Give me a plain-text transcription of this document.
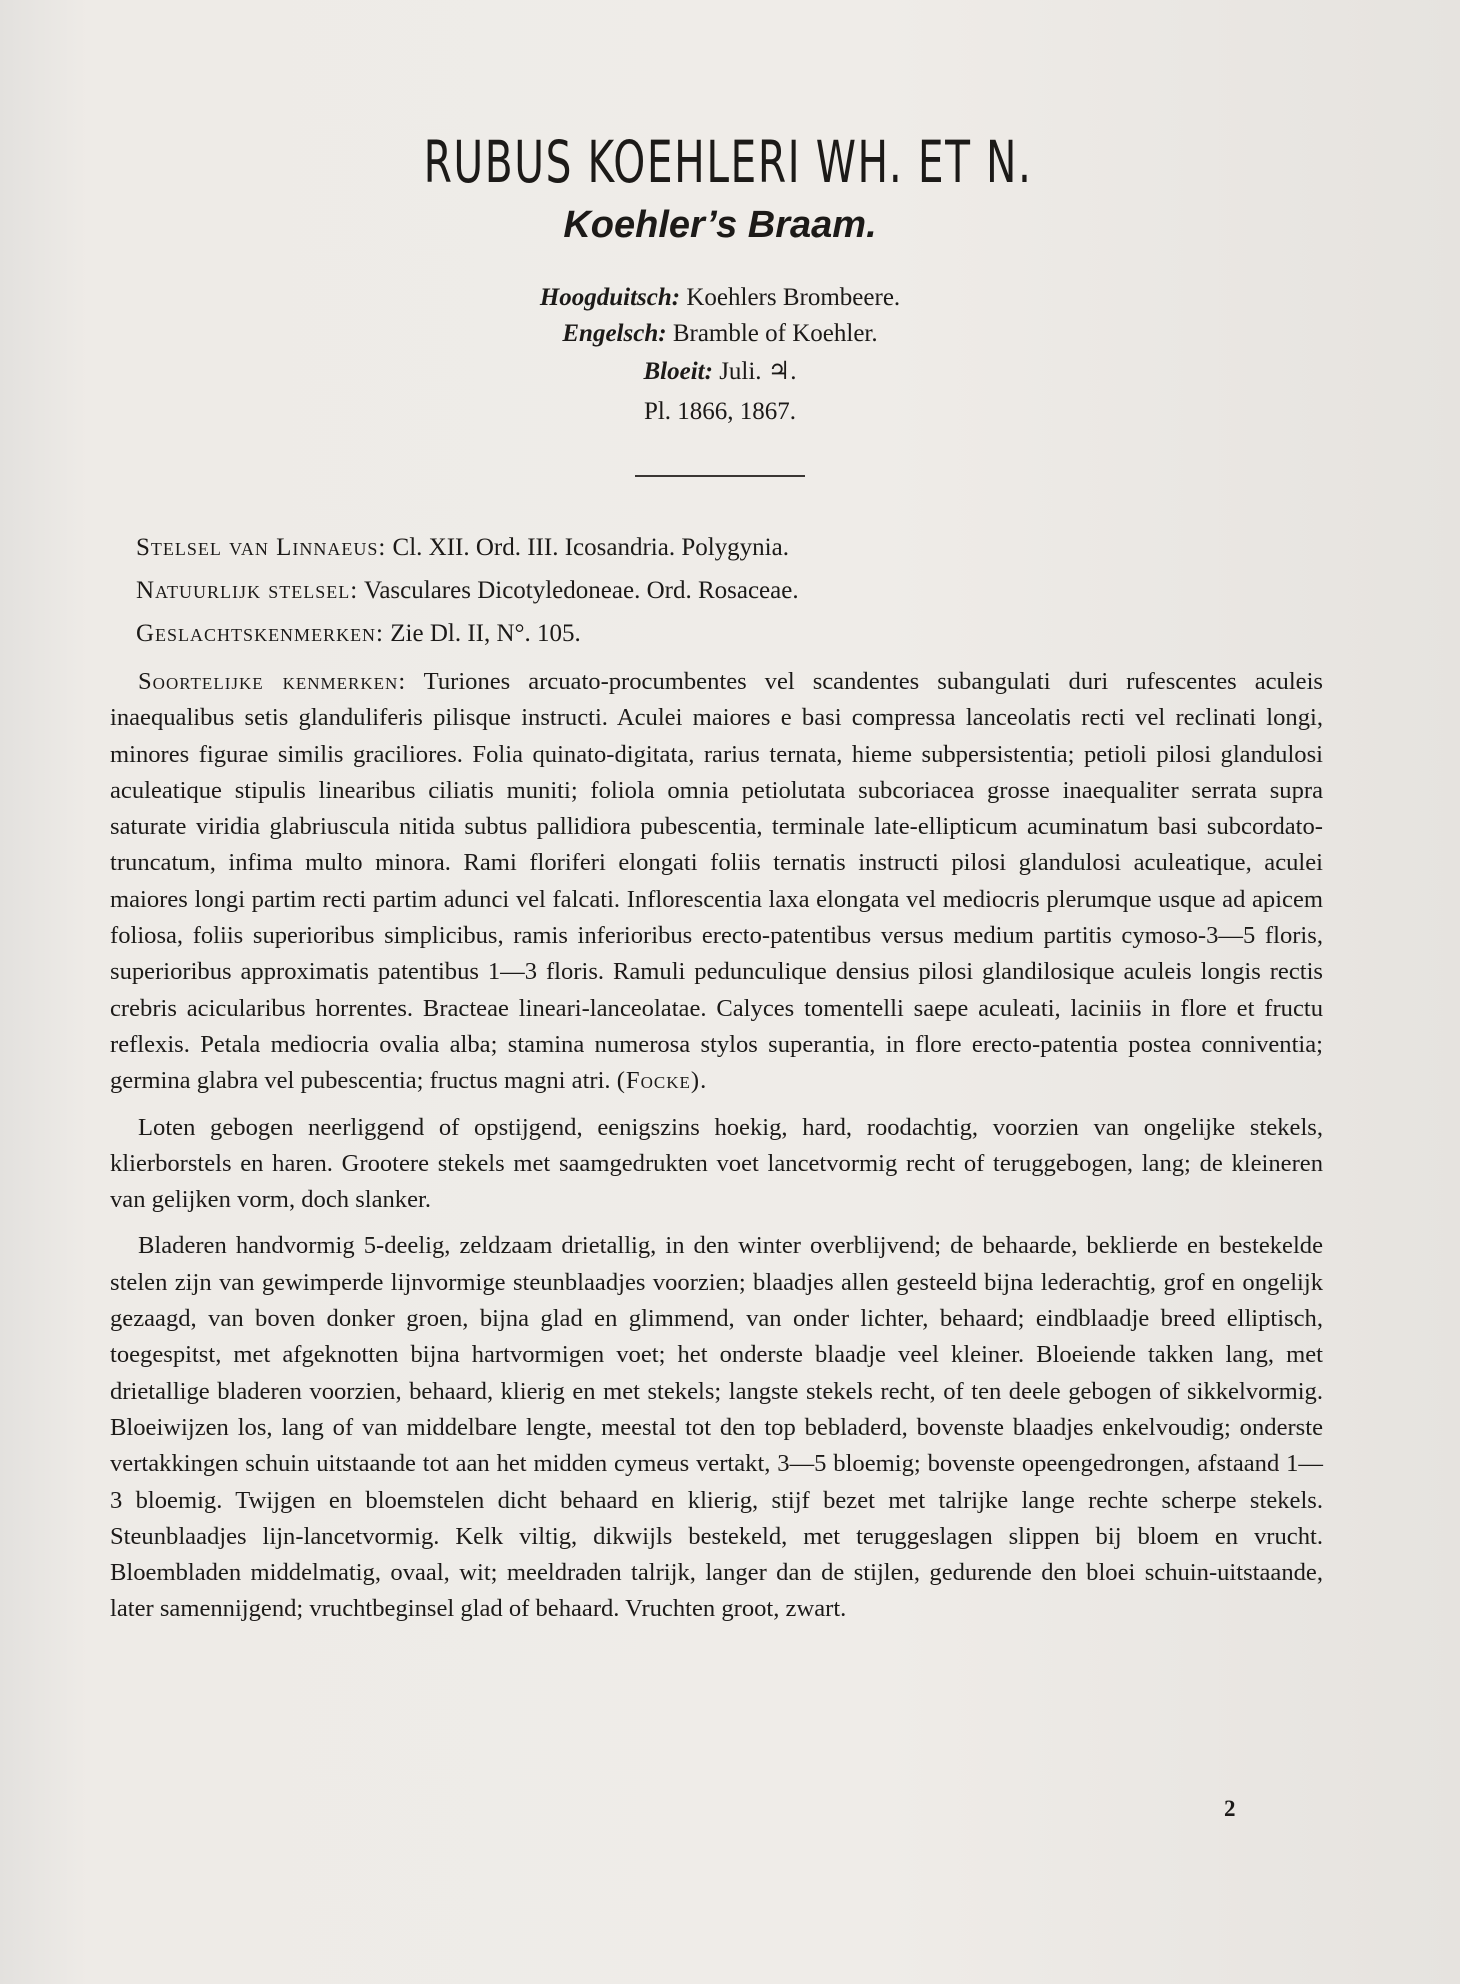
RUBUS KOEHLERI WH. ET N.
Koehler’s Braam.
Hoogduitsch: Koehlers Brombeere.
Engelsch: Bramble of Koehler.
Bloeit: Juli. ♃.
Pl. 1866, 1867.
Stelsel van Linnaeus: Cl. XII. Ord. III. Icosandria. Polygynia.
Natuurlijk stelsel: Vasculares Dicotyledoneae. Ord. Rosaceae.
Geslachtskenmerken: Zie Dl. II, N°. 105.

Soortelijke kenmerken: Turiones arcuato-procumbentes vel scandentes subangulati duri rufescentes aculeis inaequalibus setis glanduliferis pilisque instructi. Aculei maiores e basi compressa lanceolatis recti vel reclinati longi, minores figurae similis graciliores. Folia quinato-digitata, rarius ternata, hieme subpersistentia; petioli pilosi glandulosi aculeatique stipulis linearibus ciliatis muniti; foliola omnia petiolutata subcoriacea grosse inaequaliter serrata supra saturate viridia glabriuscula nitida subtus pallidiora pubescentia, terminale late-ellipticum acuminatum basi subcordato-truncatum, infima multo minora. Rami floriferi elongati foliis ternatis instructi pilosi glandulosi aculeatique, aculei maiores longi partim recti partim adunci vel falcati. Inflorescentia laxa elongata vel mediocris plerumque usque ad apicem foliosa, foliis superioribus simplicibus, ramis inferioribus erecto-patentibus versus medium partitis cymoso-3—5 floris, superioribus approximatis patentibus 1—3 floris. Ramuli pedunculique densius pilosi glandilosique aculeis longis rectis crebris acicularibus horrentes. Bracteae lineari-lanceolatae. Calyces tomentelli saepe aculeati, laciniis in flore et fructu reflexis. Petala mediocria ovalia alba; stamina numerosa stylos superantia, in flore erecto-patentia postea conniventia; germina glabra vel pubescentia; fructus magni atri. (Focke).

Loten gebogen neerliggend of opstijgend, eenigszins hoekig, hard, roodachtig, voorzien van ongelijke stekels, klierborstels en haren. Grootere stekels met saamgedrukten voet lancetvormig recht of teruggebogen, lang; de kleineren van gelijken vorm, doch slanker.

Bladeren handvormig 5-deelig, zeldzaam drietallig, in den winter overblijvend; de behaarde, beklierde en bestekelde stelen zijn van gewimperde lijnvormige steunblaadjes voorzien; blaadjes allen gesteeld bijna lederachtig, grof en ongelijk gezaagd, van boven donker groen, bijna glad en glimmend, van onder lichter, behaard; eindblaadje breed elliptisch, toegespitst, met afgeknotten bijna hartvormigen voet; het onderste blaadje veel kleiner. Bloeiende takken lang, met drietallige bladeren voorzien, behaard, klierig en met stekels; langste stekels recht, of ten deele gebogen of sikkelvormig. Bloeiwijzen los, lang of van middelbare lengte, meestal tot den top bebladerd, bovenste blaadjes enkelvoudig; onderste vertakkingen schuin uitstaande tot aan het midden cymeus vertakt, 3—5 bloemig; bovenste opeengedrongen, afstaand 1—3 bloemig. Twijgen en bloemstelen dicht behaard en klierig, stijf bezet met talrijke lange rechte scherpe stekels. Steunblaadjes lijn-lancetvormig. Kelk viltig, dikwijls bestekeld, met teruggeslagen slippen bij bloem en vrucht. Bloembladen middelmatig, ovaal, wit; meeldraden talrijk, langer dan de stijlen, gedurende den bloei schuin-uitstaande, later samennijgend; vruchtbeginsel glad of behaard. Vruchten groot, zwart.

2
